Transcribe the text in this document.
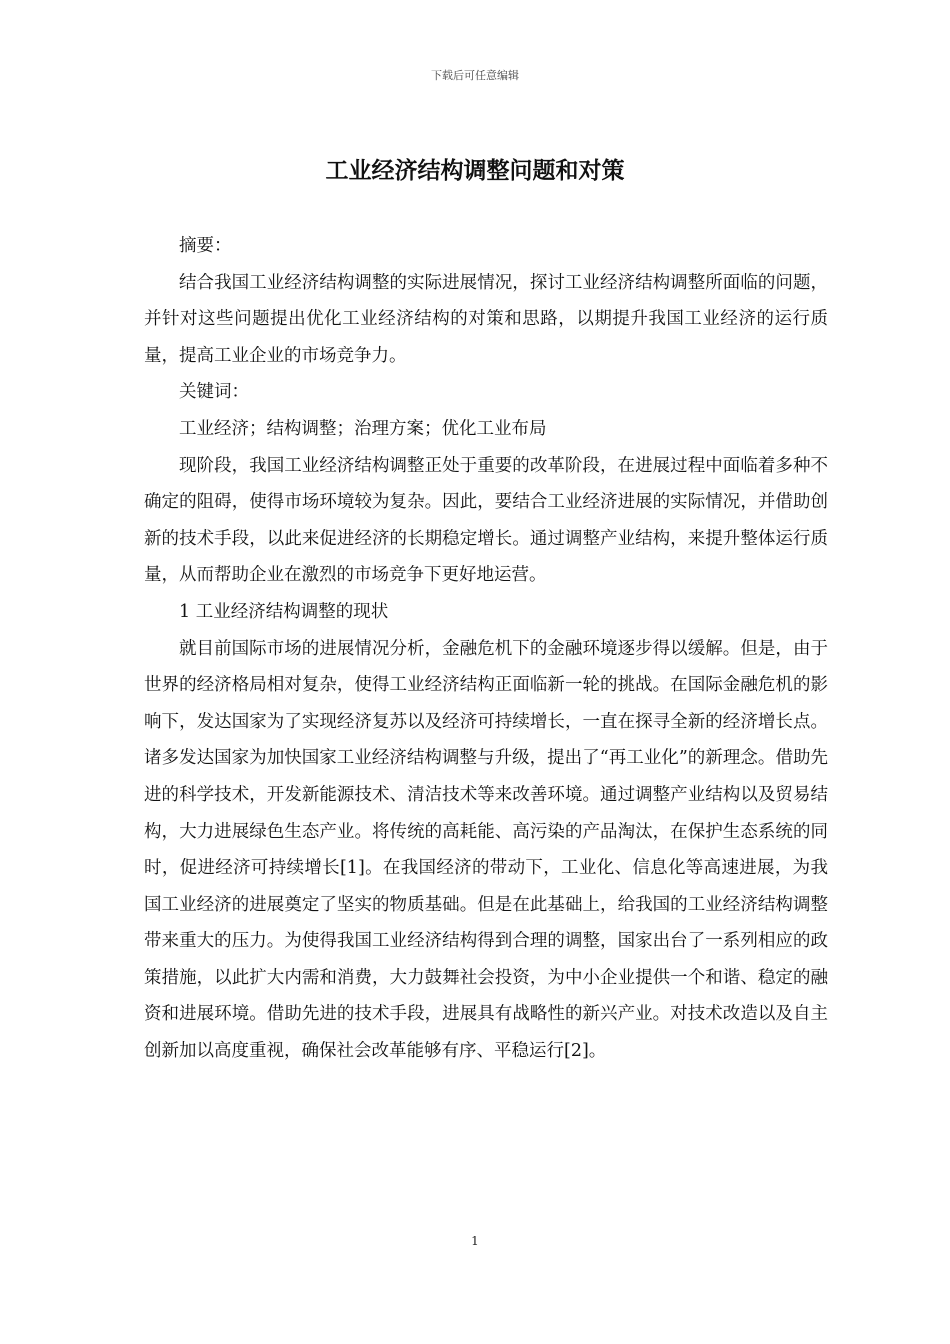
下载后可任意编辑
工业经济结构调整问题和对策

摘要：

结合我国工业经济结构调整的实际进展情况，探讨工业经济结构调整所面临的问题，并针对这些问题提出优化工业经济结构的对策和思路，以期提升我国工业经济的运行质量，提高工业企业的市场竞争力。

关键词：

工业经济；结构调整；治理方案；优化工业布局

现阶段，我国工业经济结构调整正处于重要的改革阶段，在进展过程中面临着多种不确定的阻碍，使得市场环境较为复杂。因此，要结合工业经济进展的实际情况，并借助创新的技术手段，以此来促进经济的长期稳定增长。通过调整产业结构，来提升整体运行质量，从而帮助企业在激烈的市场竞争下更好地运营。

1 工业经济结构调整的现状

就目前国际市场的进展情况分析，金融危机下的金融环境逐步得以缓解。但是，由于世界的经济格局相对复杂，使得工业经济结构正面临新一轮的挑战。在国际金融危机的影响下，发达国家为了实现经济复苏以及经济可持续增长，一直在探寻全新的经济增长点。诸多发达国家为加快国家工业经济结构调整与升级，提出了“再工业化”的新理念。借助先进的科学技术，开发新能源技术、清洁技术等来改善环境。通过调整产业结构以及贸易结构，大力进展绿色生态产业。将传统的高耗能、高污染的产品淘汰，在保护生态系统的同时，促进经济可持续增长[1]。在我国经济的带动下，工业化、信息化等高速进展，为我国工业经济的进展奠定了坚实的物质基础。但是在此基础上，给我国的工业经济结构调整带来重大的压力。为使得我国工业经济结构得到合理的调整，国家出台了一系列相应的政策措施，以此扩大内需和消费，大力鼓舞社会投资，为中小企业提供一个和谐、稳定的融资和进展环境。借助先进的技术手段，进展具有战略性的新兴产业。对技术改造以及自主创新加以高度重视，确保社会改革能够有序、平稳运行[2]。

1
